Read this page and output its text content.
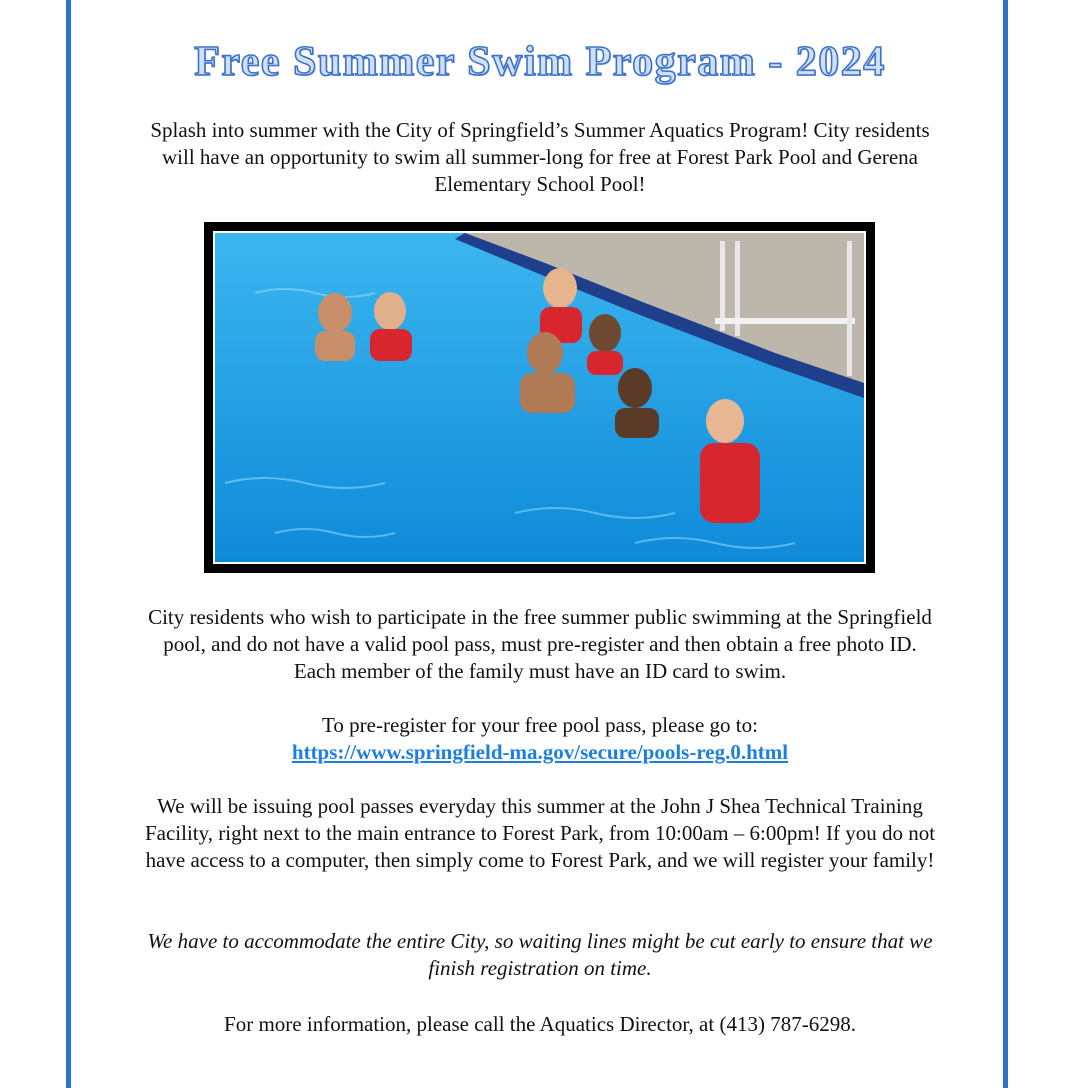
Free Summer Swim Program - 2024

Splash into summer with the City of Springfield’s Summer Aquatics Program! City residents will have an opportunity to swim all summer-long for free at Forest Park Pool and Gerena Elementary School Pool!

City residents who wish to participate in the free summer public swimming at the Springfield pool, and do not have a valid pool pass, must pre-register and then obtain a free photo ID. Each member of the family must have an ID card to swim.

To pre-register for your free pool pass, please go to:
https://www.springfield-ma.gov/secure/pools-reg.0.html

We will be issuing pool passes everyday this summer at the John J Shea Technical Training Facility, right next to the main entrance to Forest Park, from 10:00am – 6:00pm! If you do not have access to a computer, then simply come to Forest Park, and we will register your family!

We have to accommodate the entire City, so waiting lines might be cut early to ensure that we finish registration on time.

For more information, please call the Aquatics Director, at (413) 787-6298.
